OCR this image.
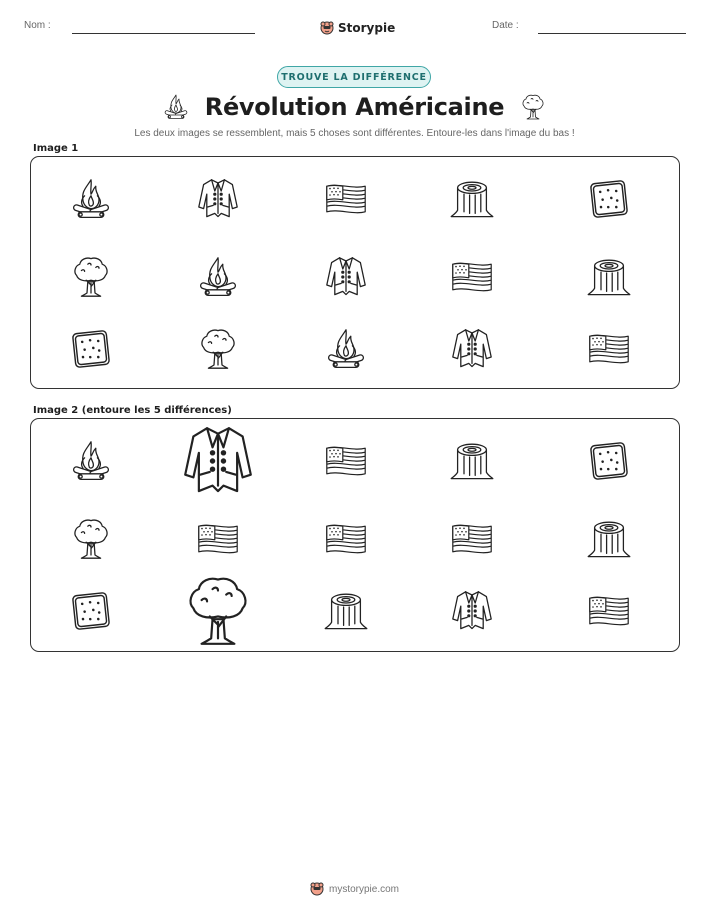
Nom :	Storypie	Date :
TROUVE LA DIFFÉRENCE
Révolution Américaine
Les deux images se ressemblent, mais 5 choses sont différentes. Entoure-les dans l'image du bas !
Image 1
Image 2 (entoure les 5 différences)
mystorypie.com
